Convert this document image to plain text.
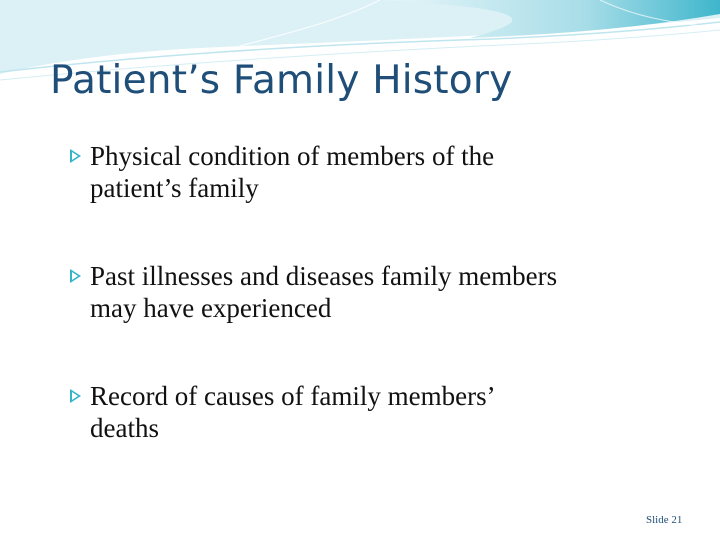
Patient’s Family History
Physical condition of members of the
patient’s family
Past illnesses and diseases family members
may have experienced
Record of causes of family members’
deaths
Slide 21
